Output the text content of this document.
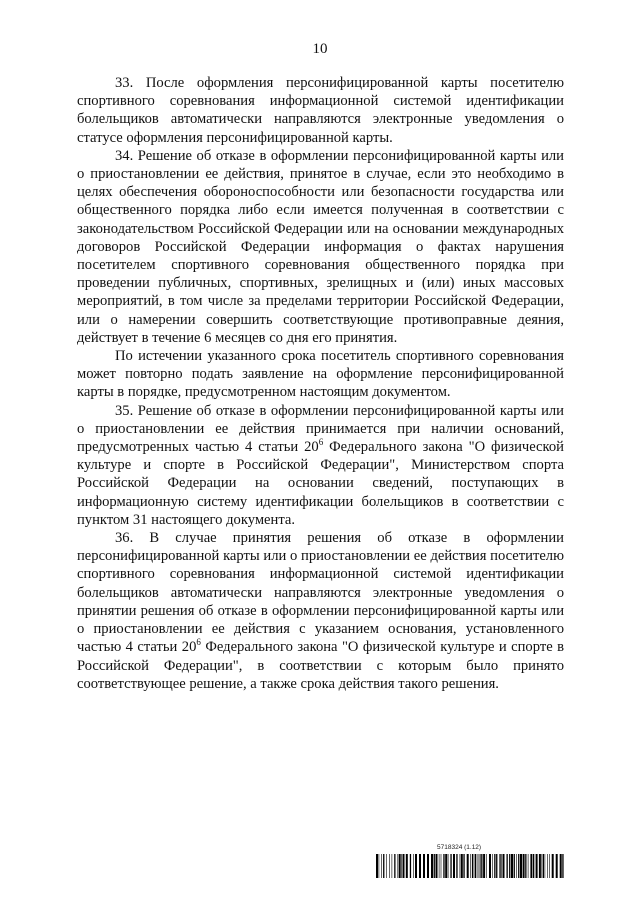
10

33. После оформления персонифицированной карты посетителю спортивного соревнования информационной системой идентификации болельщиков автоматически направляются электронные уведомления о статусе оформления персонифицированной карты.

34. Решение об отказе в оформлении персонифицированной карты или о приостановлении ее действия, принятое в случае, если это необходимо в целях обеспечения обороноспособности или безопасности государства или общественного порядка либо если имеется полученная в соответствии с законодательством Российской Федерации или на основании международных договоров Российской Федерации информация о фактах нарушения посетителем спортивного соревнования общественного порядка при проведении публичных, спортивных, зрелищных и (или) иных массовых мероприятий, в том числе за пределами территории Российской Федерации, или о намерении совершить соответствующие противоправные деяния, действует в течение 6 месяцев со дня его принятия.

По истечении указанного срока посетитель спортивного соревнования может повторно подать заявление на оформление персонифицированной карты в порядке, предусмотренном настоящим документом.

35. Решение об отказе в оформлении персонифицированной карты или о приостановлении ее действия принимается при наличии оснований, предусмотренных частью 4 статьи $20^6$ Федерального закона "О физической культуре и спорте в Российской Федерации", Министерством спорта Российской Федерации на основании сведений, поступающих в информационную систему идентификации болельщиков в соответствии с пунктом 31 настоящего документа.

36. В случае принятия решения об отказе в оформлении персонифицированной карты или о приостановлении ее действия посетителю спортивного соревнования информационной системой идентификации болельщиков автоматически направляются электронные уведомления о принятии решения об отказе в оформлении персонифицированной карты или о приостановлении ее действия с указанием основания, установленного частью 4 статьи $20^6$ Федерального закона "О физической культуре и спорте в Российской Федерации", в соответствии с которым было принято соответствующее решение, а также срока действия такого решения.

5718324 (1.12)
